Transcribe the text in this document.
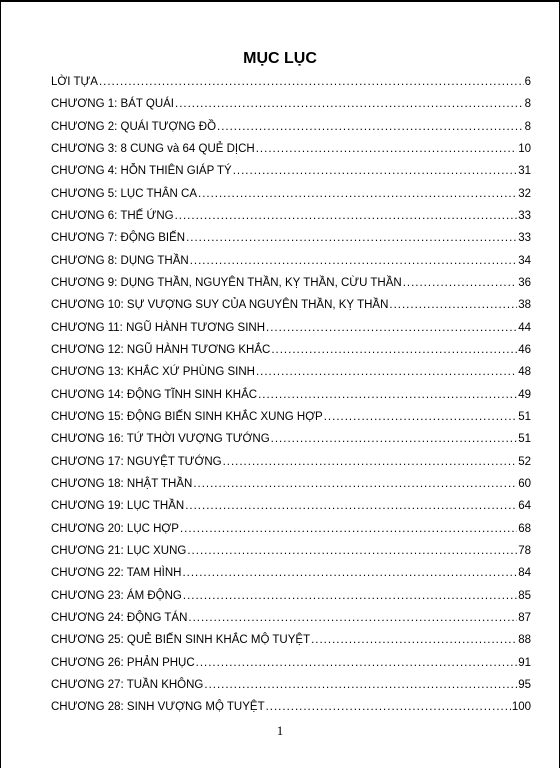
MỤC LỤC
LỜI TỰA .....	6
CHƯƠNG 1: BÁT QUÁI .....	8
CHƯƠNG 2: QUÁI TƯỢNG ĐỒ .....	8
CHƯƠNG 3: 8 CUNG và 64 QUẺ DỊCH .....	10
CHƯƠNG 4: HỖN THIÊN GIÁP TÝ .....	31
CHƯƠNG 5: LỤC THÂN CA .....	32
CHƯƠNG 6: THẾ ỨNG .....	33
CHƯƠNG 7: ĐỘNG BIẾN .....	33
CHƯƠNG 8: DỤNG THẦN .....	34
CHƯƠNG 9: DỤNG THẦN, NGUYÊN THẦN, KỴ THẦN, CỪU THẦN .....	36
CHƯƠNG 10: SỰ VƯỢNG SUY CỦA NGUYÊN THẦN, KỴ THẦN .....	38
CHƯƠNG 11: NGŨ HÀNH TƯƠNG SINH .....	44
CHƯƠNG 12: NGŨ HÀNH TƯƠNG KHẮC .....	46
CHƯƠNG 13: KHẮC XỨ PHÙNG SINH .....	48
CHƯƠNG 14: ĐỘNG TĨNH SINH KHẮC .....	49
CHƯƠNG 15: ĐỘNG BIẾN SINH KHẮC XUNG HỢP .....	51
CHƯƠNG 16: TỨ THỜI VƯỢNG TƯỚNG .....	51
CHƯƠNG 17: NGUYỆT TƯỚNG .....	52
CHƯƠNG 18: NHẬT THẦN .....	60
CHƯƠNG 19: LỤC THẦN .....	64
CHƯƠNG 20: LỤC HỢP .....	68
CHƯƠNG 21: LỤC XUNG .....	78
CHƯƠNG 22: TAM HÌNH .....	84
CHƯƠNG 23: ÁM ĐỘNG .....	85
CHƯƠNG 24: ĐỘNG TÁN .....	87
CHƯƠNG 25: QUẺ BIẾN SINH KHẮC MỘ TUYỆT .....	88
CHƯƠNG 26: PHẢN PHỤC .....	91
CHƯƠNG 27: TUẦN KHÔNG .....	95
CHƯƠNG 28: SINH VƯỢNG MỘ TUYỆT .....	100
1
